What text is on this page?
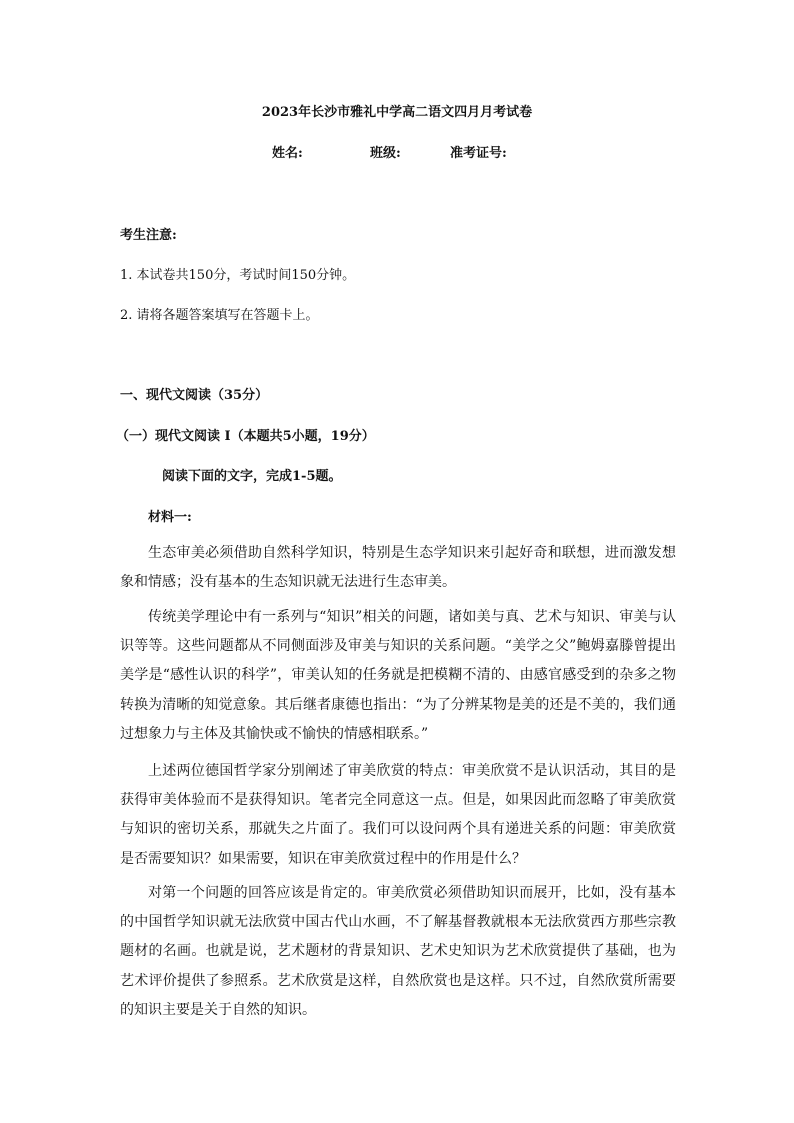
2023年长沙市雅礼中学高二语文四月月考试卷
姓名:	班级:	准考证号:
考生注意:
1. 本试卷共150分，考试时间150分钟。
2. 请将各题答案填写在答题卡上。
一、现代文阅读（35分）
（一）现代文阅读 I（本题共5小题，19分）
阅读下面的文字，完成1-5题。
材料一:
生态审美必须借助自然科学知识，特别是生态学知识来引起好奇和联想，进而激发想象和情感；没有基本的生态知识就无法进行生态审美。
传统美学理论中有一系列与“知识”相关的问题，诸如美与真、艺术与知识、审美与认识等等。这些问题都从不同侧面涉及审美与知识的关系问题。“美学之父”鲍姆嘉滕曾提出美学是“感性认识的科学”，审美认知的任务就是把模糊不清的、由感官感受到的杂多之物转换为清晰的知觉意象。其后继者康德也指出：“为了分辨某物是美的还是不美的，我们通过想象力与主体及其愉快或不愉快的情感相联系。”
上述两位德国哲学家分别阐述了审美欣赏的特点：审美欣赏不是认识活动，其目的是获得审美体验而不是获得知识。笔者完全同意这一点。但是，如果因此而忽略了审美欣赏与知识的密切关系，那就失之片面了。我们可以设问两个具有递进关系的问题：审美欣赏是否需要知识？如果需要，知识在审美欣赏过程中的作用是什么？
对第一个问题的回答应该是肯定的。审美欣赏必须借助知识而展开，比如，没有基本的中国哲学知识就无法欣赏中国古代山水画，不了解基督教就根本无法欣赏西方那些宗教题材的名画。也就是说，艺术题材的背景知识、艺术史知识为艺术欣赏提供了基础，也为艺术评价提供了参照系。艺术欣赏是这样，自然欣赏也是这样。只不过，自然欣赏所需要的知识主要是关于自然的知识。
